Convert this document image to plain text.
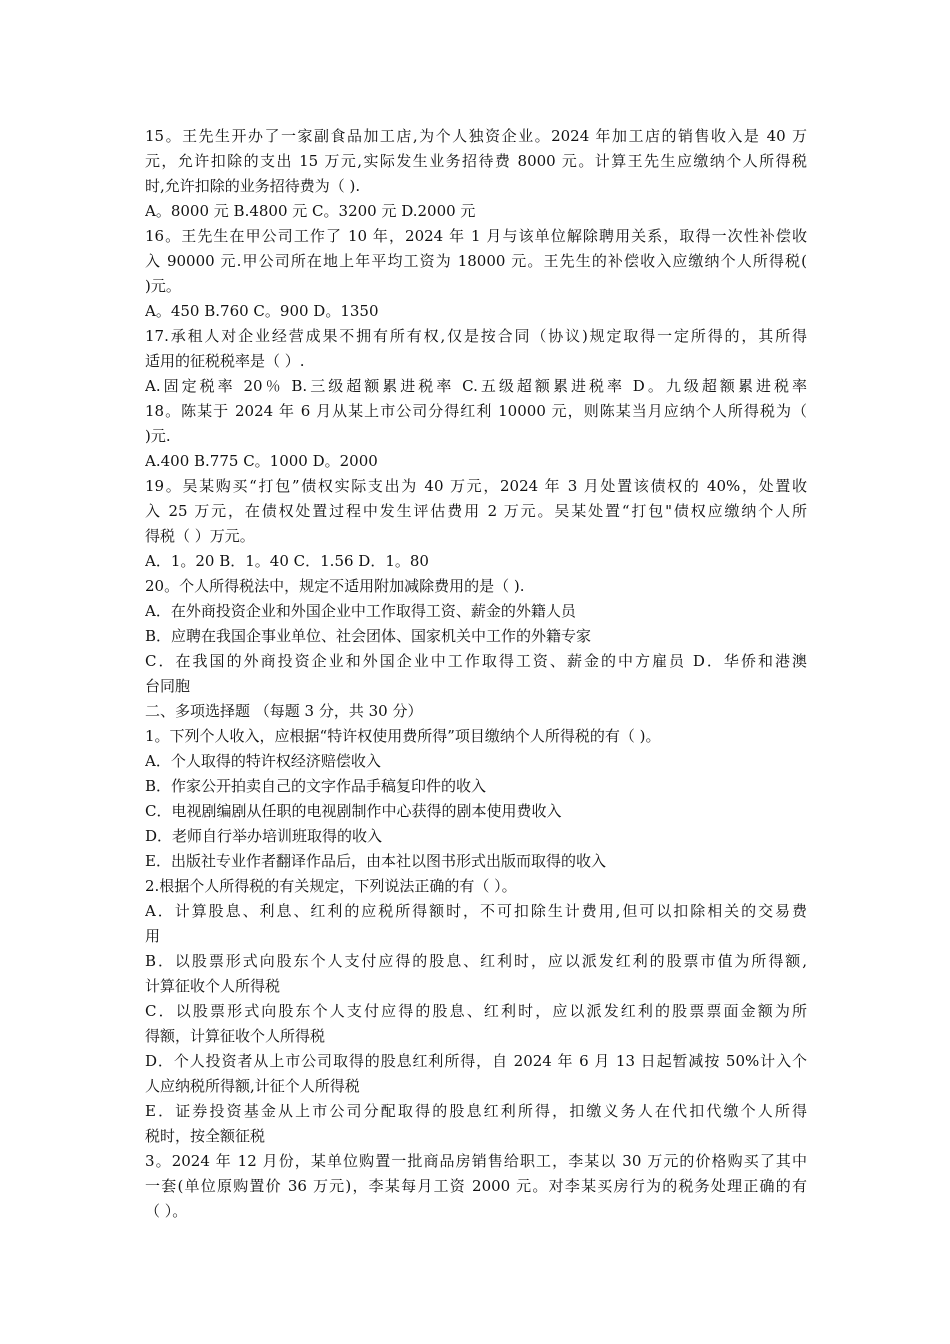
15。王先生开办了一家副食品加工店,为个人独资企业。2024 年加工店的销售收入是 40 万
元，允许扣除的支出 15 万元,实际发生业务招待费 8000 元。计算王先生应缴纳个人所得税
时,允许扣除的业务招待费为（ ).
A。8000 元 B.4800 元 C。3200 元 D.2000 元
16。王先生在甲公司工作了 10 年，2024 年 1 月与该单位解除聘用关系，取得一次性补偿收
入 90000 元.甲公司所在地上年平均工资为 18000 元。王先生的补偿收入应缴纳个人所得税(
)元。
A。450 B.760 C。900 D。1350
17.承租人对企业经营成果不拥有所有权,仅是按合同（协议)规定取得一定所得的，其所得
适用的征税税率是（ ）.
A.固定税率 20％ B.三级超额累进税率 C.五级超额累进税率 D。九级超额累进税率
18。陈某于 2024 年 6 月从某上市公司分得红利 10000 元，则陈某当月应纳个人所得税为（
)元.
A.400 B.775 C。1000 D。2000
19。吴某购买“打包”债权实际支出为 40 万元，2024 年 3 月处置该债权的 40%，处置收
入 25 万元，在债权处置过程中发生评估费用 2 万元。吴某处置“打包"债权应缴纳个人所
得税（ ）万元。
A．1。20 B．1。40 C．1.56 D．1。80
20。个人所得税法中，规定不适用附加减除费用的是（ ).
A．在外商投资企业和外国企业中工作取得工资、薪金的外籍人员
B．应聘在我国企事业单位、社会团体、国家机关中工作的外籍专家
C．在我国的外商投资企业和外国企业中工作取得工资、薪金的中方雇员 D．华侨和港澳
台同胞
二、多项选择题 （每题 3 分，共 30 分）
1。下列个人收入，应根据“特许权使用费所得”项目缴纳个人所得税的有（ )。
A．个人取得的特许权经济赔偿收入
B．作家公开拍卖自己的文字作品手稿复印件的收入
C．电视剧编剧从任职的电视剧制作中心获得的剧本使用费收入
D．老师自行举办培训班取得的收入
E．出版社专业作者翻译作品后，由本社以图书形式出版而取得的收入
2.根据个人所得税的有关规定，下列说法正确的有（ ）。
A．计算股息、利息、红利的应税所得额时，不可扣除生计费用,但可以扣除相关的交易费
用
B．以股票形式向股东个人支付应得的股息、红利时，应以派发红利的股票市值为所得额,
计算征收个人所得税
C．以股票形式向股东个人支付应得的股息、红利时，应以派发红利的股票票面金额为所
得额，计算征收个人所得税
D．个人投资者从上市公司取得的股息红利所得，自 2024 年 6 月 13 日起暂减按 50%计入个
人应纳税所得额,计征个人所得税
E．证券投资基金从上市公司分配取得的股息红利所得，扣缴义务人在代扣代缴个人所得
税时，按全额征税
3。2024 年 12 月份，某单位购置一批商品房销售给职工，李某以 30 万元的价格购买了其中
一套(单位原购置价 36 万元)，李某每月工资 2000 元。对李某买房行为的税务处理正确的有
（ ）。
